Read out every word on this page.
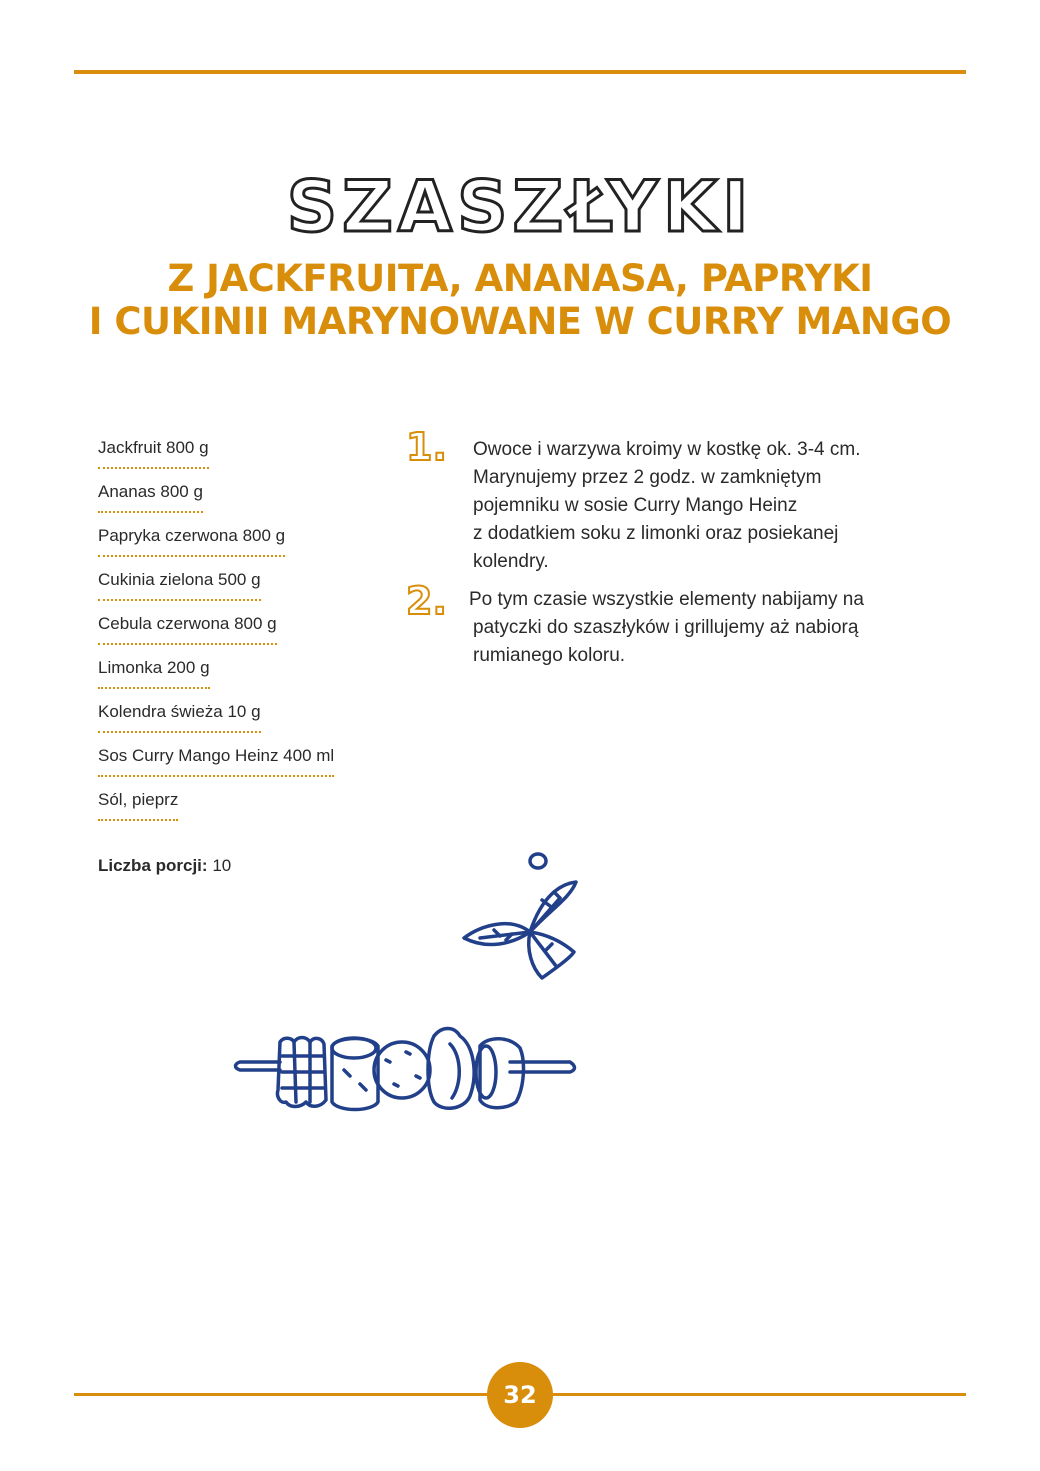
SZASZŁYKI
Z JACKFRUITA, ANANASA, PAPRYKI
I CUKINII MARYNOWANE W CURRY MANGO
Jackfruit 800 g
Ananas 800 g
Papryka czerwona 800 g
Cukinia zielona 500 g
Cebula czerwona 800 g
Limonka 200 g
Kolendra świeża 10 g
Sos Curry Mango Heinz 400 ml
Sól, pieprz
Liczba porcji: 10
1. Owoce i warzywa kroimy w kostkę ok. 3-4 cm.
Marynujemy przez 2 godz. w zamkniętym
pojemniku w sosie Curry Mango Heinz
z dodatkiem soku z limonki oraz posiekanej
kolendry.

2. Po tym czasie wszystkie elementy nabijamy na
patyczki do szaszłyków i grillujemy aż nabiorą
rumianego koloru.

32
